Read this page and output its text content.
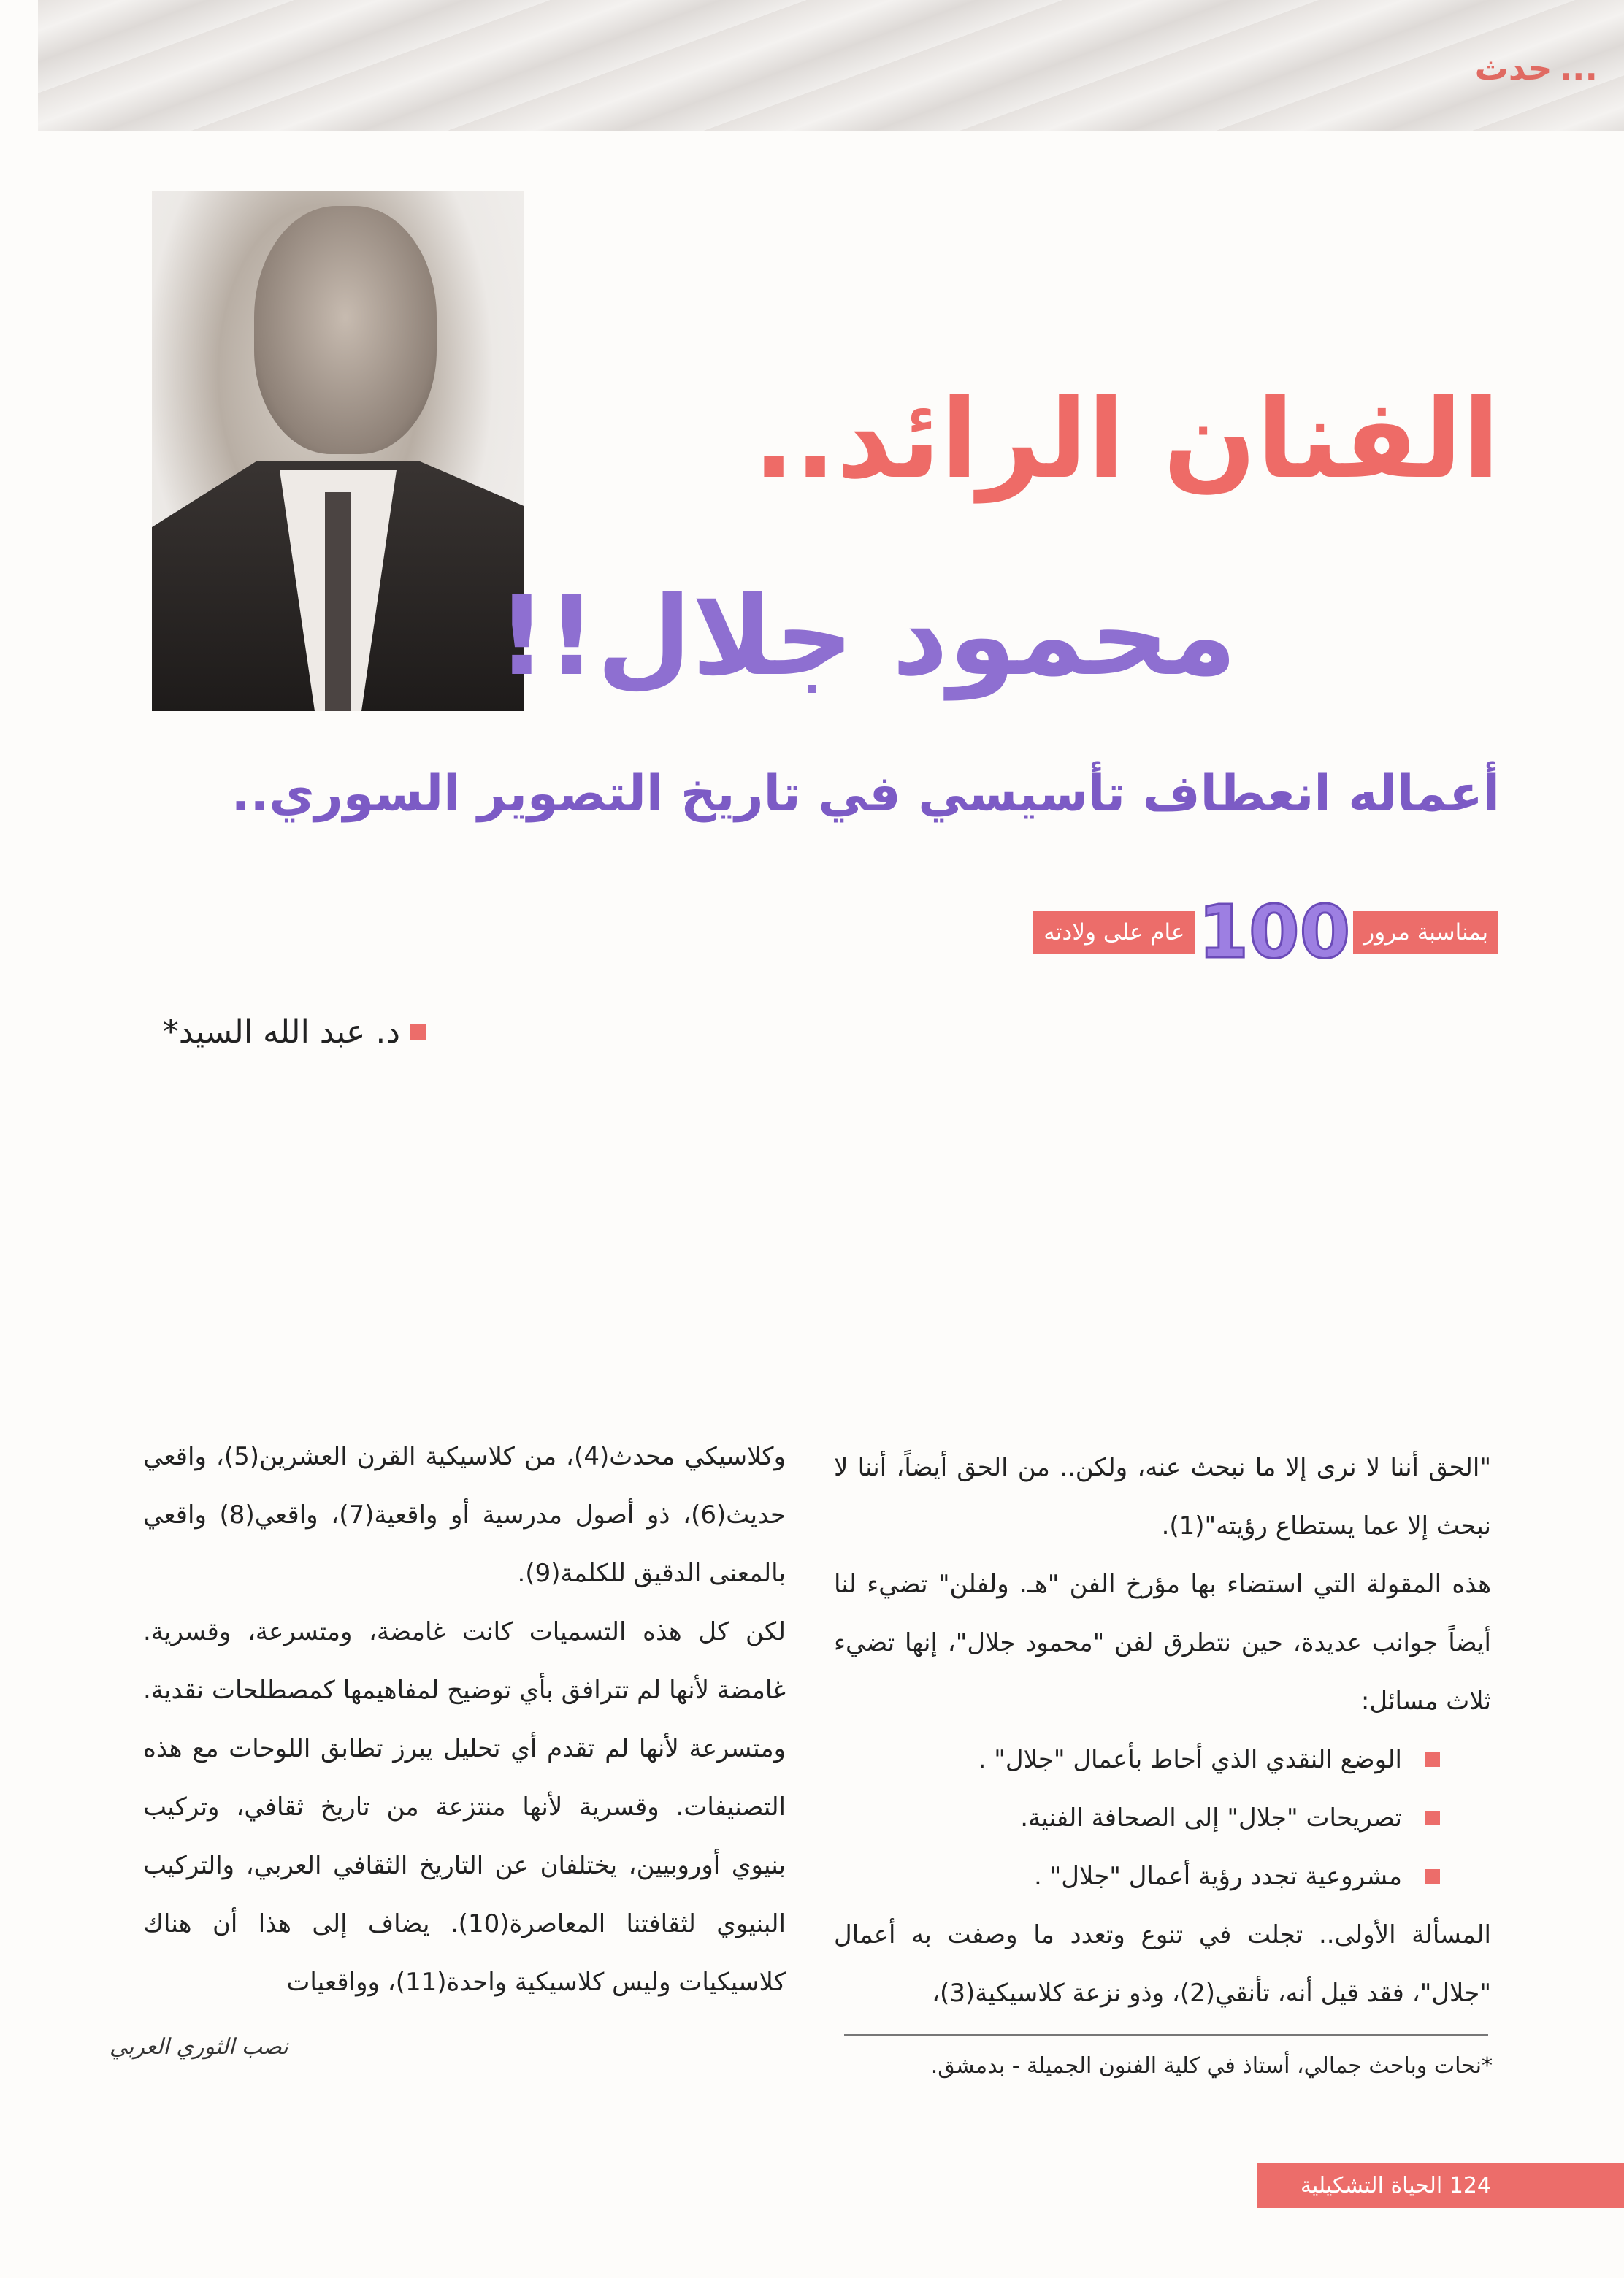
...حدث
الفنان الرائد..
محمود جلال!!
أعماله انعطاف تأسيسي في تاريخ التصوير السوري..
بمناسبة مرور
100
عام على ولادته
د. عبد الله السيد*

"الحق أننا لا نرى إلا ما نبحث عنه، ولكن.. من الحق أيضاً، أننا لا نبحث إلا عما يستطاع رؤيته"(1).

هذه المقولة التي استضاء بها مؤرخ الفن "هـ. ولفلن" تضيء لنا أيضاً جوانب عديدة، حين نتطرق لفن "محمود جلال"، إنها تضيء ثلاث مسائل:

الوضع النقدي الذي أحاط بأعمال "جلال" .
تصريحات "جلال" إلى الصحافة الفنية.
مشروعية تجدد رؤية أعمال "جلال" .

المسألة الأولى.. تجلت في تنوع وتعدد ما وصفت به أعمال "جلال"، فقد قيل أنه، تأنقي(2)، وذو نزعة كلاسيكية(3)،

وكلاسيكي محدث(4)، من كلاسيكية القرن العشرين(5)، واقعي حديث(6)، ذو أصول مدرسية أو واقعية(7)، واقعي(8) واقعي بالمعنى الدقيق للكلمة(9).

لكن كل هذه التسميات كانت غامضة، ومتسرعة، وقسرية. غامضة لأنها لم تترافق بأي توضيح لمفاهيمها كمصطلحات نقدية. ومتسرعة لأنها لم تقدم أي تحليل يبرز تطابق اللوحات مع هذه التصنيفات. وقسرية لأنها منتزعة من تاريخ ثقافي، وتركيب بنيوي أوروبيين، يختلفان عن التاريخ الثقافي العربي، والتركيب البنيوي لثقافتنا المعاصرة(10). يضاف إلى هذا أن هناك كلاسيكيات وليس كلاسيكية واحدة(11)، وواقعيات

نصب الثوري العربي
*نحات وباحث جمالي، أستاذ في كلية الفنون الجميلة - بدمشق.
124 الحياة التشكيلية
